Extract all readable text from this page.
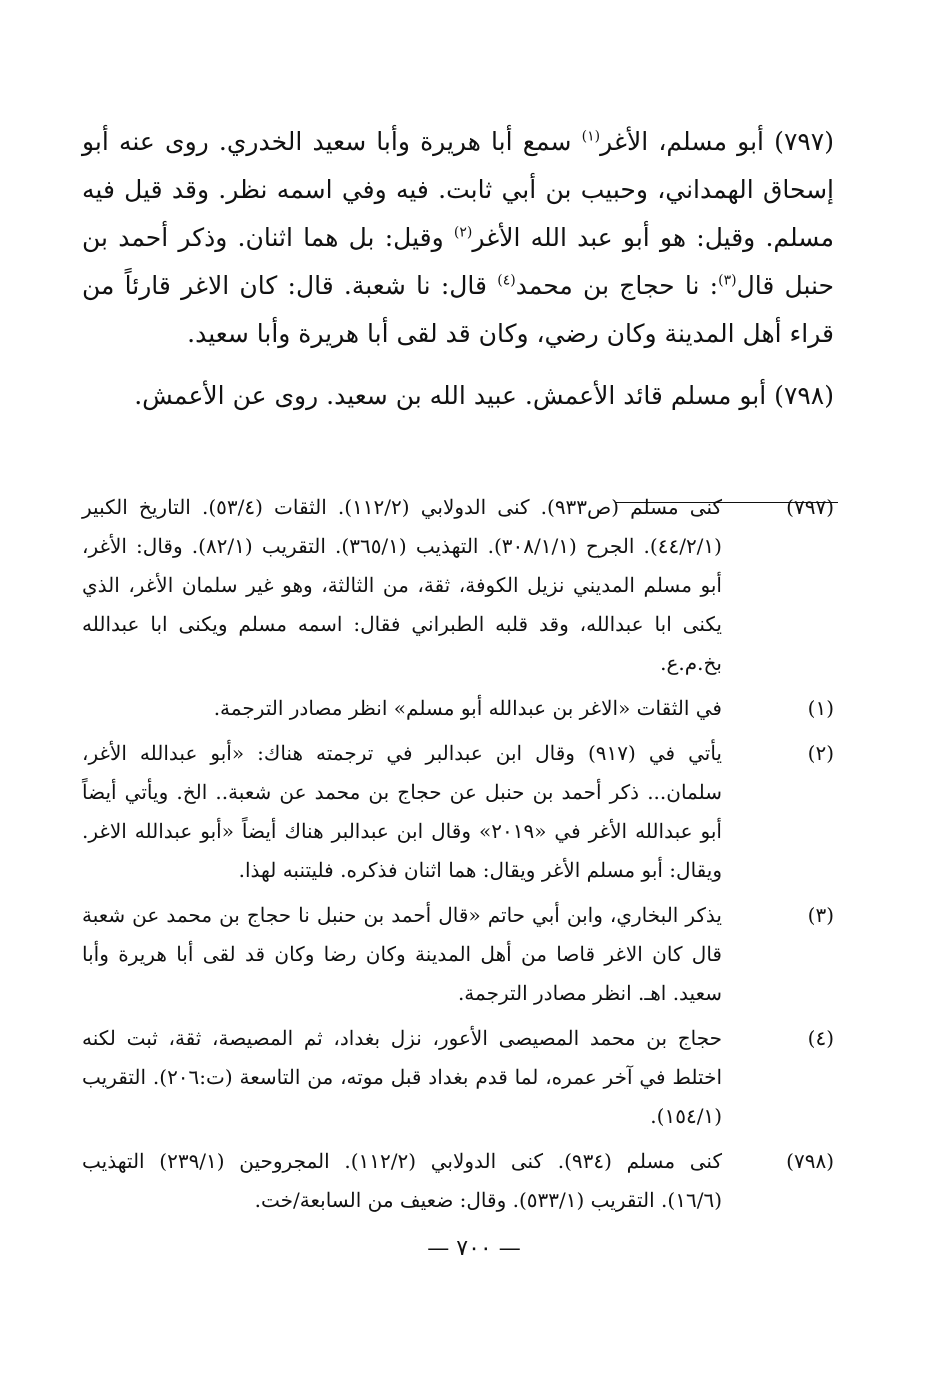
(٧٩٧) أبو مسلم، الأغر$^{(١)}$ سمع أبا هريرة وأبا سعيد الخدري. روى عنه أبو إسحاق الهمداني، وحبيب بن أبي ثابت. فيه وفي اسمه نظر. وقد قيل فيه مسلم. وقيل: هو أبو عبد الله الأغر$^{(٢)}$ وقيل: بل هما اثنان. وذكر أحمد بن حنبل قال$^{(٣)}$: نا حجاج بن محمد$^{(٤)}$ قال: نا شعبة. قال: كان الاغر قارئاً من قراء أهل المدينة وكان رضي، وكان قد لقى أبا هريرة وأبا سعيد.

(٧٩٨) أبو مسلم قائد الأعمش. عبيد الله بن سعيد. روى عن الأعمش.

(٧٩٧)
كنى مسلم (ص٩٣٣). كنى الدولابي (١١٢/٢). الثقات (٥٣/٤). التاريخ الكبير (٤٤/٢/١). الجرح (٣٠٨/١/١). التهذيب (٣٦٥/١). التقريب (٨٢/١). وقال: الأغر، أبو مسلم المديني نزيل الكوفة، ثقة، من الثالثة، وهو غير سلمان الأغر، الذي يكنى ابا عبدالله، وقد قلبه الطبراني فقال: اسمه مسلم ويكنى ابا عبدالله بخ.م.ع.
(١)
في الثقات «الاغر بن عبدالله أبو مسلم» انظر مصادر الترجمة.
(٢)
يأتي في (٩١٧) وقال ابن عبدالبر في ترجمته هناك: «أبو عبدالله الأغر، سلمان... ذكر أحمد بن حنبل عن حجاج بن محمد عن شعبة.. الخ. ويأتي أيضاً أبو عبدالله الأغر في «٢٠١٩» وقال ابن عبدالبر هناك أيضاً «أبو عبدالله الاغر. ويقال: أبو مسلم الأغر ويقال: هما اثنان فذكره. فليتنبه لهذا.
(٣)
يذكر البخاري، وابن أبي حاتم «قال أحمد بن حنبل نا حجاج بن محمد عن شعبة قال كان الاغر قاصا من أهل المدينة وكان رضا وكان قد لقى أبا هريرة وأبا سعيد. اهـ. انظر مصادر الترجمة.
(٤)
حجاج بن محمد المصيصى الأعور، نزل بغداد، ثم المصيصة، ثقة، ثبت لكنه اختلط في آخر عمره، لما قدم بغداد قبل موته، من التاسعة (ت:٢٠٦). التقريب (١٥٤/١).
(٧٩٨)
كنى مسلم (٩٣٤). كنى الدولابي (١١٢/٢). المجروحين (٢٣٩/١) التهذيب (١٦/٦). التقريب (٥٣٣/١). وقال: ضعيف من السابعة/خت.
— ٧٠٠ —
